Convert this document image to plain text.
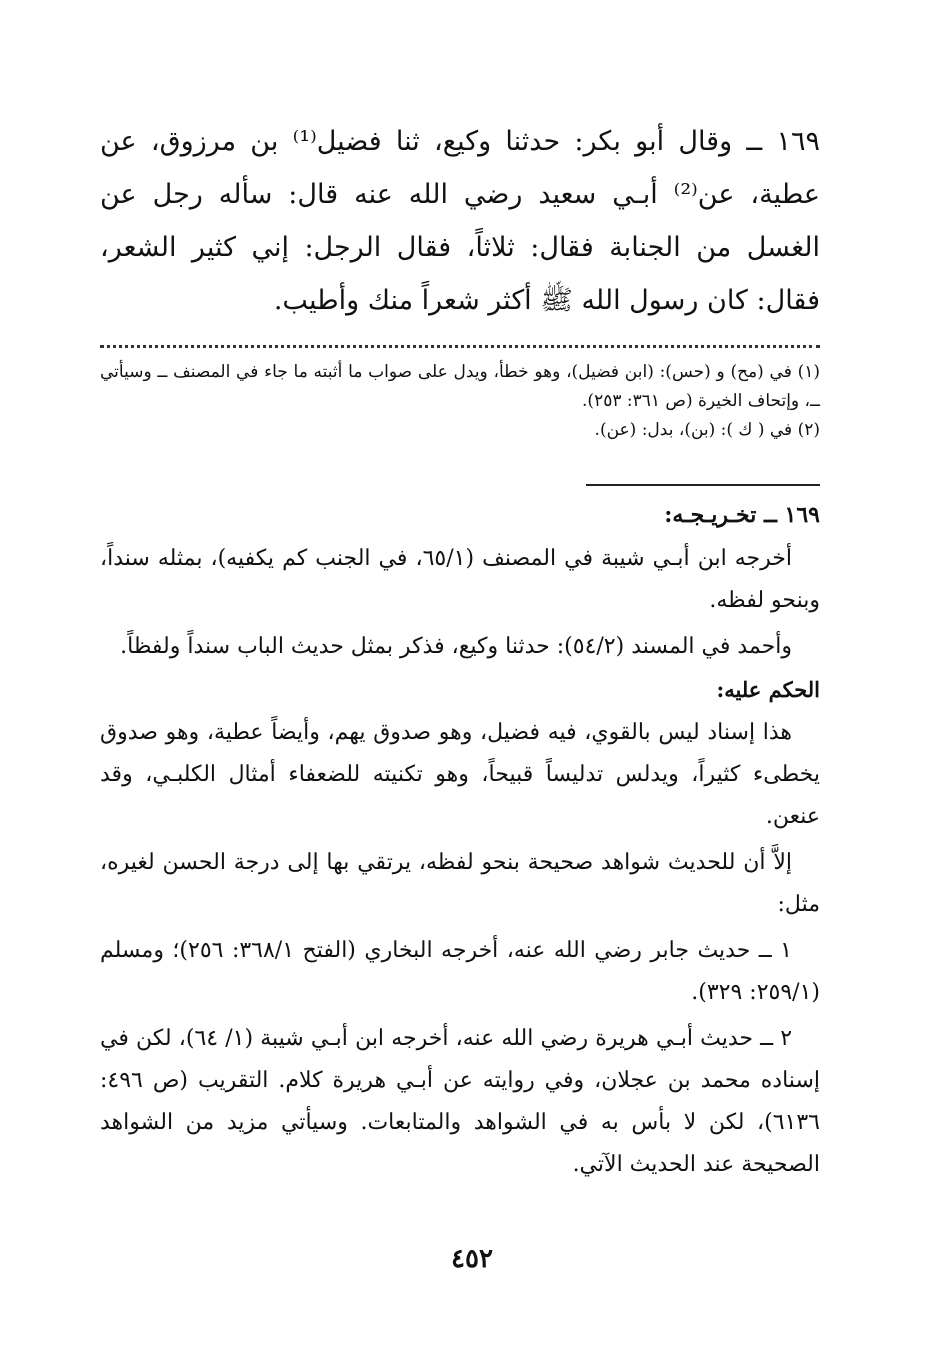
١٦٩ ــ وقال أبو بكر: حدثنا وكيع، ثنا فضيل⁽¹⁾ بن مرزوق، عن عطية، عن⁽²⁾ أبـي سعيد رضي الله عنه قال: سأله رجل عن الغسل من الجنابة فقال: ثلاثاً، فقال الرجل: إني كثير الشعر، فقال: كان رسول الله ﷺ أكثر شعراً منك وأطيب.

(١) في (مح) و (حس): (ابن فضيل)، وهو خطأ، ويدل على صواب ما أثبته ما جاء في المصنف ــ وسيأتي ــ، وإتحاف الخيرة (ص ٣٦١: ٢٥٣).

(٢) في ( ك ): (بن)، بدل: (عن).

١٦٩ ــ تخـريـجـه:

أخرجه ابن أبـي شيبة في المصنف (٦٥/١، في الجنب كم يكفيه)، بمثله سنداً، وبنحو لفظه.

وأحمد في المسند (٥٤/٢): حدثنا وكيع، فذكر بمثل حديث الباب سنداً ولفظاً.

الحكم عليه:

هذا إسناد ليس بالقوي، فيه فضيل، وهو صدوق يهم، وأيضاً عطية، وهو صدوق يخطىء كثيراً، ويدلس تدليساً قبيحاً، وهو تكنيته للضعفاء أمثال الكلبـي، وقد عنعن.

إلاَّ أن للحديث شواهد صحيحة بنحو لفظه، يرتقي بها إلى درجة الحسن لغيره، مثل:

١ ــ حديث جابر رضي الله عنه، أخرجه البخاري (الفتح ٣٦٨/١: ٢٥٦)؛ ومسلم (٢٥٩/١: ٣٢٩).

٢ ــ حديث أبـي هريرة رضي الله عنه، أخرجه ابن أبـي شيبة (١/ ٦٤)، لكن في إسناده محمد بن عجلان، وفي روايته عن أبـي هريرة كلام. التقريب (ص ٤٩٦: ٦١٣٦)، لكن لا بأس به في الشواهد والمتابعات. وسيأتي مزيد من الشواهد الصحيحة عند الحديث الآتي.

٤٥٢
